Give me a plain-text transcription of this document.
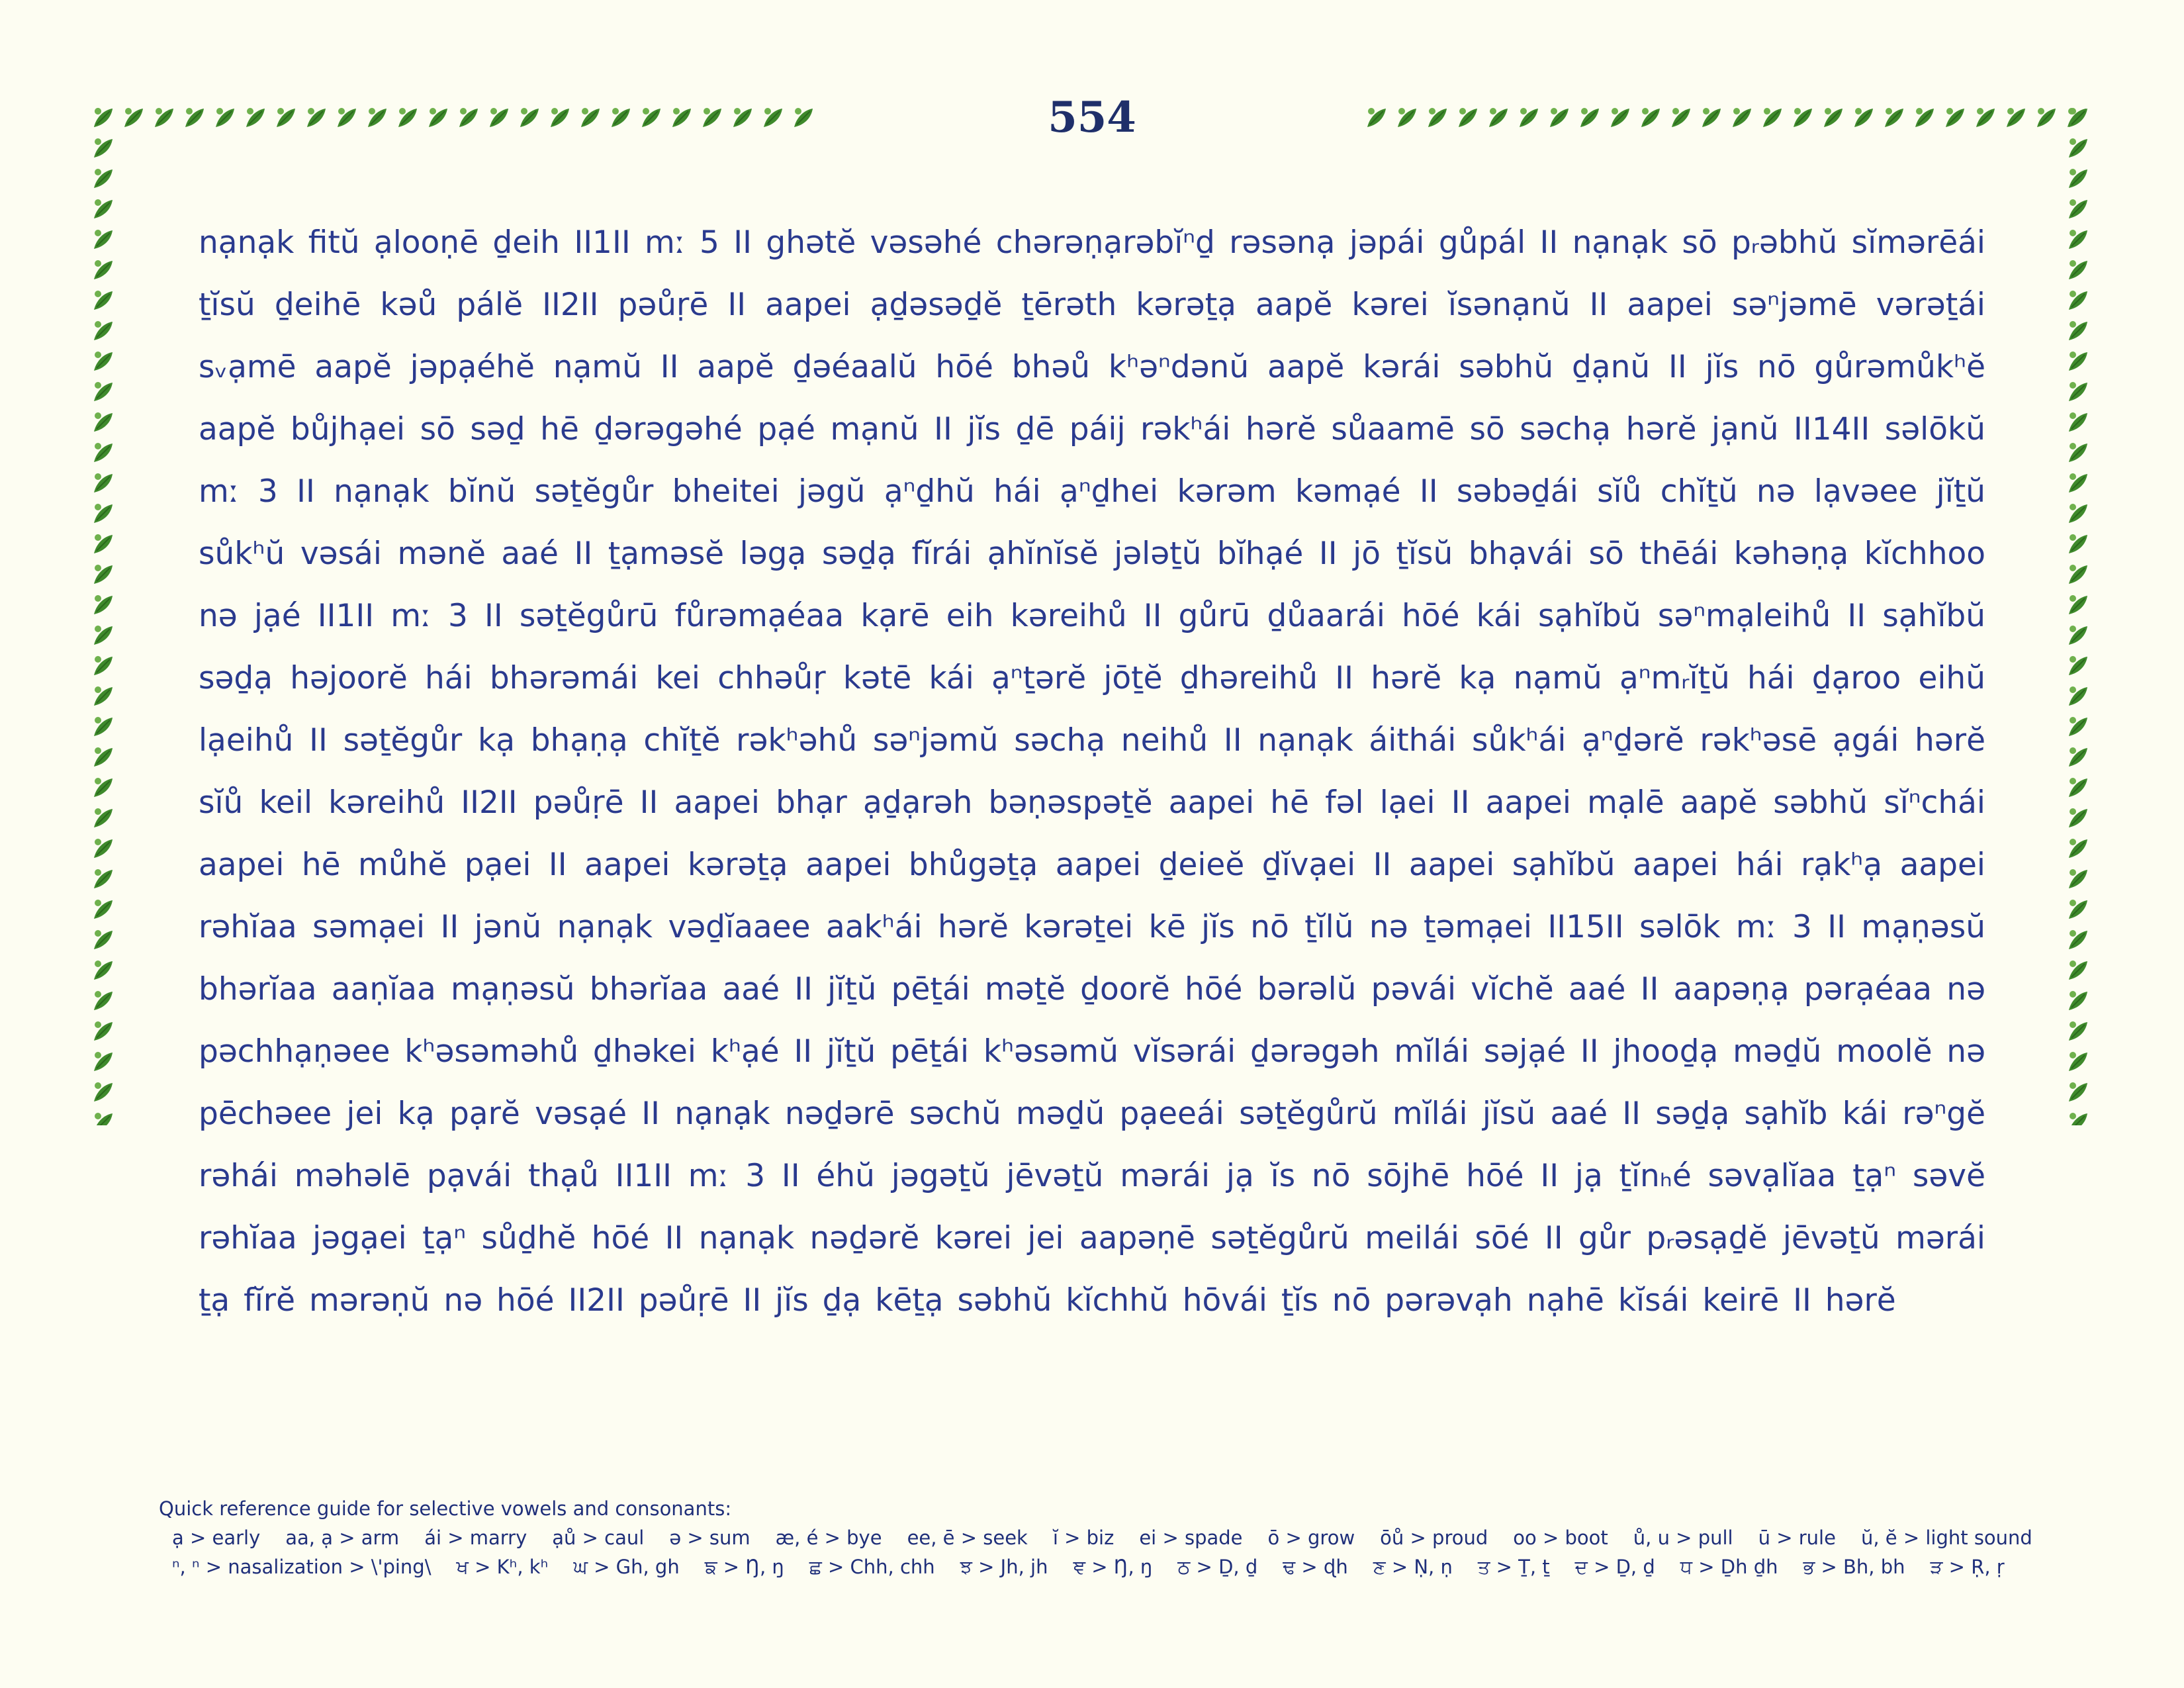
554

nạnạk fitŭ ạlooṇē ḏeih II1II mː 5 II ghətĕ vəsəhé chərəṇạrəbĭⁿḏ rəsənạ jəpái gůpál II nạnạk sō pᵣəbhŭ sĭmərēái ṯĭsŭ ḏeihē kəů pálĕ II2II pəůṛē II aapei ạḏəsəḏĕ ṯērəth kərəṯạ aapĕ kərei ĭsənạnŭ II aapei səⁿjəmē vərəṯái sᵥạmē aapĕ jəpạéhĕ nạmŭ II aapĕ ḏəéaalŭ hōé bhəů kʰəⁿdənŭ aapĕ kərái səbhŭ ḏạnŭ II jĭs nō gůrəmůkʰĕ aapĕ bůjhạei sō səḏ hē ḏərəgəhé pạé mạnŭ II jĭs ḏē páij rəkʰái hərĕ sůaamē sō səchạ hərĕ jạnŭ II14II səlōkŭ mː 3 II nạnạk bĭnŭ səṯĕgůr bheitei jəgŭ ạⁿḏhŭ hái ạⁿḏhei kərəm kəmạé II səbəḏái sĭů chĭṯŭ nə lạvəee jĭṯŭ sůkʰŭ vəsái mənĕ aaé II ṯạməsĕ ləgạ səḏạ fĭrái ạhĭnĭsĕ jələṯŭ bĭhạé II jō ṯĭsŭ bhạvái sō thēái kəhəṇạ kĭchhoo nə jạé II1II mː 3 II səṯĕgůrū fůrəmạéaa kạrē eih kəreihů II gůrū ḏůaarái hōé kái sạhĭbŭ səⁿmạleihů II sạhĭbŭ səḏạ həjoorĕ hái bhərəmái kei chhəůṛ kətē kái ạⁿṯərĕ jōṯĕ ḏhəreihů II hərĕ kạ nạmŭ ạⁿmᵣĭṯŭ hái ḏạroo eihŭ lạeihů II səṯĕgůr kạ bhạṇạ chĭṯĕ rəkʰəhů səⁿjəmŭ səchạ neihů II nạnạk áithái sůkʰái ạⁿḏərĕ rəkʰəsē ạgái hərĕ sĭů keil kəreihů II2II pəůṛē II aapei bhạr ạḏạrəh bəṇəspəṯĕ aapei hē fəl lạei II aapei mạlē aapĕ səbhŭ sĭⁿchái aapei hē můhĕ pạei II aapei kərəṯạ aapei bhůgəṯạ aapei ḏeieĕ ḏĭvạei II aapei sạhĭbŭ aapei hái rạkʰạ aapei rəhĭaa səmạei II jənŭ nạnạk vəḏĭaaee aakʰái hərĕ kərəṯei kē jĭs nō ṯĭlŭ nə ṯəmạei II15II səlōk mː 3 II mạṇəsŭ bhərĭaa aaṇĭaa mạṇəsŭ bhərĭaa aaé II jĭṯŭ pēṯái məṯĕ ḏoorĕ hōé bərəlŭ pəvái vĭchĕ aaé II aapəṇạ pərạéaa nə pəchhạṇəee kʰəsəməhů ḏhəkei kʰạé II jĭṯŭ pēṯái kʰəsəmŭ vĭsərái ḏərəgəh mĭlái səjạé II jhooḏạ məḏŭ moolĕ nə pēchəee jei kạ pạrĕ vəsạé II nạnạk nəḏərē səchŭ məḏŭ pạeeái səṯĕgůrŭ mĭlái jĭsŭ aaé II səḏạ sạhĭb kái rəⁿgĕ rəhái məhəlē pạvái thạů II1II mː 3 II éhŭ jəgəṯŭ jēvəṯŭ mərái jạ ĭs nō sōjhē hōé II jạ ṯĭnₕé səvạlĭaa ṯạⁿ səvĕ rəhĭaa jəgạei ṯạⁿ sůḏhĕ hōé II nạnạk nəḏərĕ kərei jei aapəṇē səṯĕgůrŭ meilái sōé II gůr pᵣəsạḏĕ jēvəṯŭ mərái ṯạ fĭrĕ mərəṇŭ nə hōé II2II pəůṛē II jĭs ḏạ kēṯạ səbhŭ kĭchhŭ hōvái ṯĭs nō pərəvạh nạhē kĭsái keirē II hərĕ

Quick reference guide for selective vowels and consonants:
ạ > early aa, ạ > arm ái > marry ạů > caul ə > sum æ, é > bye ee, ē > seek ĭ > biz ei > spade ō > grow ōů > proud oo > boot ů, u > pull ū > rule ŭ, ĕ > light sound
ⁿ, ⁿ > nasalization > \'ping\ ਖ > Kʰ, kʰ ਘ > Gh, gh ਙ > Ŋ, ŋ ਛ > Chh, chh ਝ > Jh, jh ਞ > Ŋ, ŋ ਠ > Ḏ, ḏ ਢ > ɖh ਣ > Ṇ, ṇ ਤ > Ṯ, ṯ ਦ > Ḏ, ḏ ਧ > Ḏh ḏh ਭ > Bh, bh ੜ > Ṛ, ṛ
